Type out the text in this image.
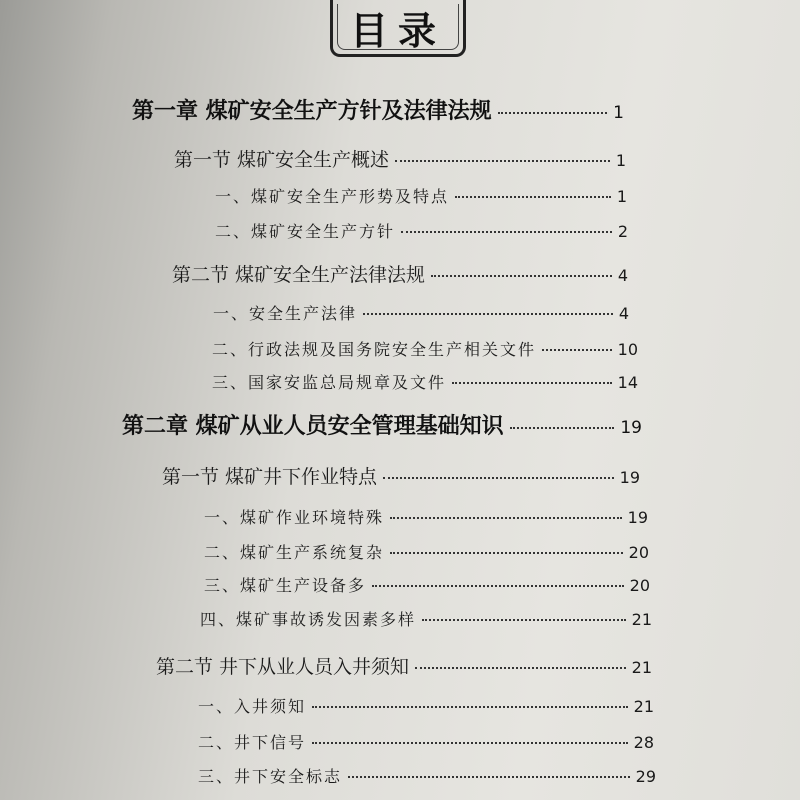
目录
第一章 煤矿安全生产方针及法律法规	1
第一节 煤矿安全生产概述	1
一、煤矿安全生产形势及特点	1
二、煤矿安全生产方针	2
第二节 煤矿安全生产法律法规	4
一、安全生产法律	4
二、行政法规及国务院安全生产相关文件	10
三、国家安监总局规章及文件	14
第二章 煤矿从业人员安全管理基础知识	19
第一节 煤矿井下作业特点	19
一、煤矿作业环境特殊	19
二、煤矿生产系统复杂	20
三、煤矿生产设备多	20
四、煤矿事故诱发因素多样	21
第二节 井下从业人员入井须知	21
一、入井须知	21
二、井下信号	28
三、井下安全标志	29
